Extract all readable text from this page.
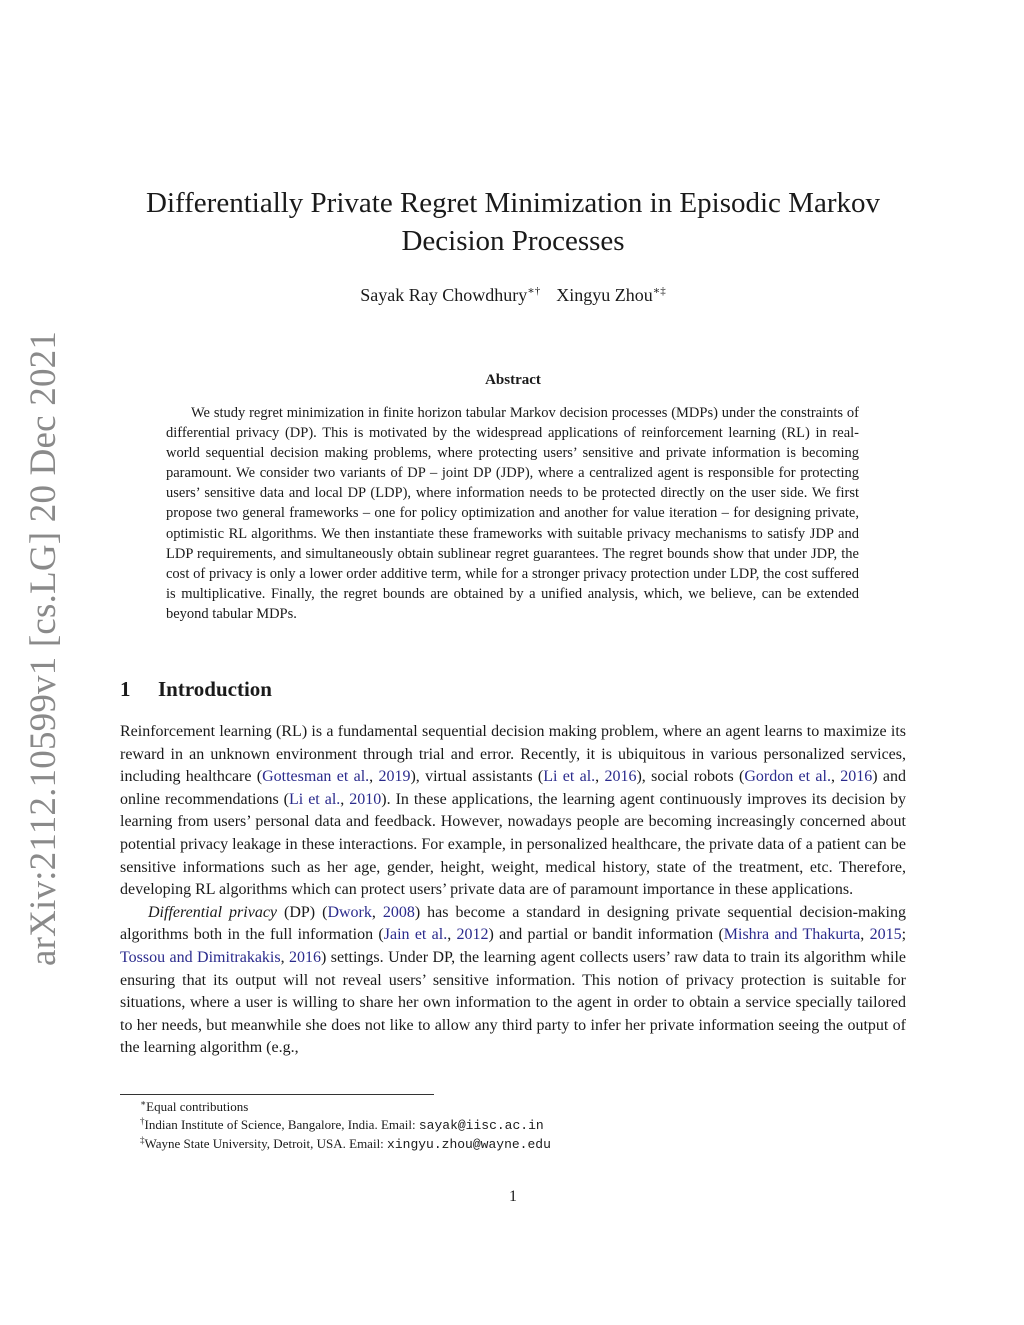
arXiv:2112.10599v1 [cs.LG] 20 Dec 2021
Differentially Private Regret Minimization in Episodic Markov Decision Processes
Sayak Ray Chowdhury∗† Xingyu Zhou∗‡
Abstract

We study regret minimization in finite horizon tabular Markov decision processes (MDPs) under the constraints of differential privacy (DP). This is motivated by the widespread applications of reinforcement learning (RL) in real-world sequential decision making problems, where protecting users’ sensitive and private information is becoming paramount. We consider two variants of DP – joint DP (JDP), where a centralized agent is responsible for protecting users’ sensitive data and local DP (LDP), where information needs to be protected directly on the user side. We first propose two general frameworks – one for policy optimization and another for value iteration – for designing private, optimistic RL algorithms. We then instantiate these frameworks with suitable privacy mechanisms to satisfy JDP and LDP requirements, and simultaneously obtain sublinear regret guarantees. The regret bounds show that under JDP, the cost of privacy is only a lower order additive term, while for a stronger privacy protection under LDP, the cost suffered is multiplicative. Finally, the regret bounds are obtained by a unified analysis, which, we believe, can be extended beyond tabular MDPs.

1 Introduction

Reinforcement learning (RL) is a fundamental sequential decision making problem, where an agent learns to maximize its reward in an unknown environment through trial and error. Recently, it is ubiquitous in various personalized services, including healthcare (Gottesman et al., 2019), virtual assistants (Li et al., 2016), social robots (Gordon et al., 2016) and online recommendations (Li et al., 2010). In these applications, the learning agent continuously improves its decision by learning from users’ personal data and feedback. However, nowadays people are becoming increasingly concerned about potential privacy leakage in these interactions. For example, in personalized healthcare, the private data of a patient can be sensitive informations such as her age, gender, height, weight, medical history, state of the treatment, etc. Therefore, developing RL algorithms which can protect users’ private data are of paramount importance in these applications.

Differential privacy (DP) (Dwork, 2008) has become a standard in designing private sequential decision-making algorithms both in the full information (Jain et al., 2012) and partial or bandit information (Mishra and Thakurta, 2015; Tossou and Dimitrakakis, 2016) settings. Under DP, the learning agent collects users’ raw data to train its algorithm while ensuring that its output will not reveal users’ sensitive information. This notion of privacy protection is suitable for situations, where a user is willing to share her own information to the agent in order to obtain a service specially tailored to her needs, but meanwhile she does not like to allow any third party to infer her private information seeing the output of the learning algorithm (e.g.,

∗Equal contributions
†Indian Institute of Science, Bangalore, India. Email: sayak@iisc.ac.in
‡Wayne State University, Detroit, USA. Email: xingyu.zhou@wayne.edu
1
